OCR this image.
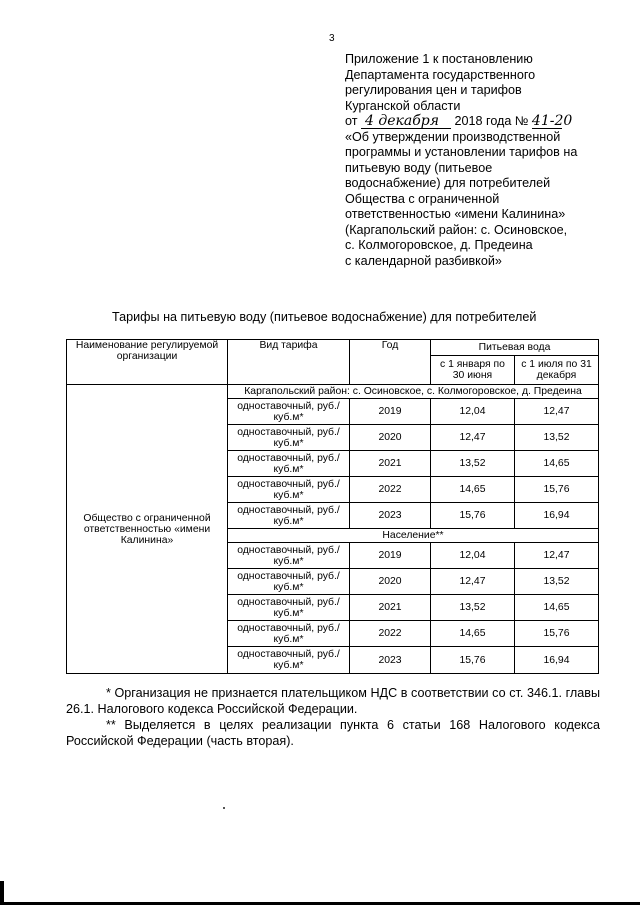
3
Приложение 1 к постановлению
Департамента государственного
регулирования цен и тарифов
Курганской области
от 4 декабря 2018 года № 41-20
«Об утверждении производственной
программы и установлении тарифов на
питьевую воду (питьевое
водоснабжение) для потребителей
Общества с ограниченной
ответственностью «имени Калинина»
(Каргапольский район: с. Осиновское,
с. Колмогоровское, д. Предеина
с календарной разбивкой»
Тарифы на питьевую воду (питьевое водоснабжение) для потребителей
Наименование регулируемой организации	Вид тарифа	Год	Питьевая вода	
			с 1 января по 30 июня	с 1 июля по 31 декабря
Общество с ограниченной ответственностью «имени Калинина»	Каргапольский район: с. Осиновское, с. Колмогоровское, д. Предеина			
	одноставочный, руб./куб.м*	2019	12,04	12,47
	одноставочный, руб./куб.м*	2020	12,47	13,52
	одноставочный, руб./куб.м*	2021	13,52	14,65
	одноставочный, руб./куб.м*	2022	14,65	15,76
	одноставочный, руб./куб.м*	2023	15,76	16,94
	Население**			
	одноставочный, руб./куб.м*	2019	12,04	12,47
	одноставочный, руб./куб.м*	2020	12,47	13,52
	одноставочный, руб./куб.м*	2021	13,52	14,65
	одноставочный, руб./куб.м*	2022	14,65	15,76
	одноставочный, руб./куб.м*	2023	15,76	16,94

* Организация не признается плательщиком НДС в соответствии со ст. 346.1. главы 26.1. Налогового кодекса Российской Федерации.

** Выделяется в целях реализации пункта 6 статьи 168 Налогового кодекса Российской Федерации (часть вторая).
